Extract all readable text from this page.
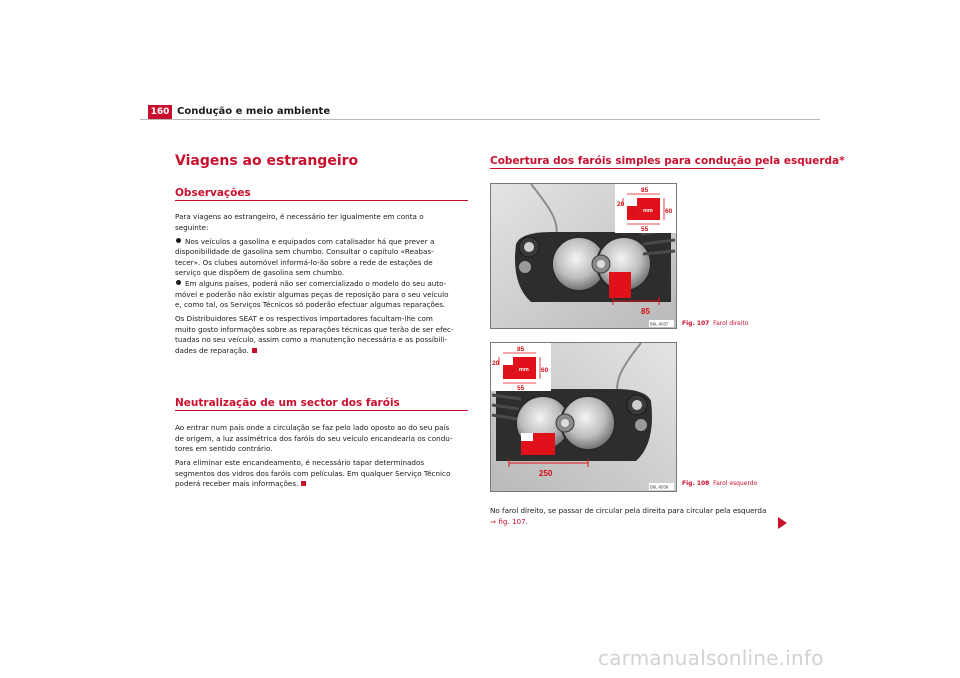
160 Condução e meio ambiente
Viagens ao estrangeiro
Observações

Para viagens ao estrangeiro, é necessário ter igualmente em conta o
seguinte:

Nos veículos a gasolina e equipados com catalisador há que prever a
disponibilidade de gasolina sem chumbo. Consultar o capítulo «Reabas-
tecer». Os clubes automóvel informá-lo-ão sobre a rede de estações de
serviço que dispõem de gasolina sem chumbo.
Em alguns países, poderá não ser comercializado o modelo do seu auto-
móvel e poderão não existir algumas peças de reposição para o seu veículo
e, como tal, os Serviços Técnicos só poderão efectuar algumas reparações.

Os Distribuidores SEAT e os respectivos importadores facultam-lhe com
muito gosto informações sobre as reparações técnicas que terão de ser efec-
tuadas no seu veículo, assim como a manutenção necessária e as possibili-
dades de reparação.

Neutralização de um sector dos faróis

Ao entrar num país onde a circulação se faz pelo lado oposto ao do seu país
de origem, a luz assimétrica dos faróis do seu veículo encandearia os condu-
tores em sentido contrário.

Para eliminar este encandeamento, é necessário tapar determinados
segmentos dos vidros dos faróis com películas. Em qualquer Serviço Técnico
poderá receber mais informações.

Cobertura dos faróis simples para condução pela esquerda*
85
20
30 mm 60
55
85
B6L-0037 Fig. 107 Farol direito
85
20
30 mm 60
55
250
B6L-0038 Fig. 108 Farol esquerdo
No farol direito, se passar de circular pela direita para circular pela esquerda
⇒ fig. 107.
carmanualsonline.info
